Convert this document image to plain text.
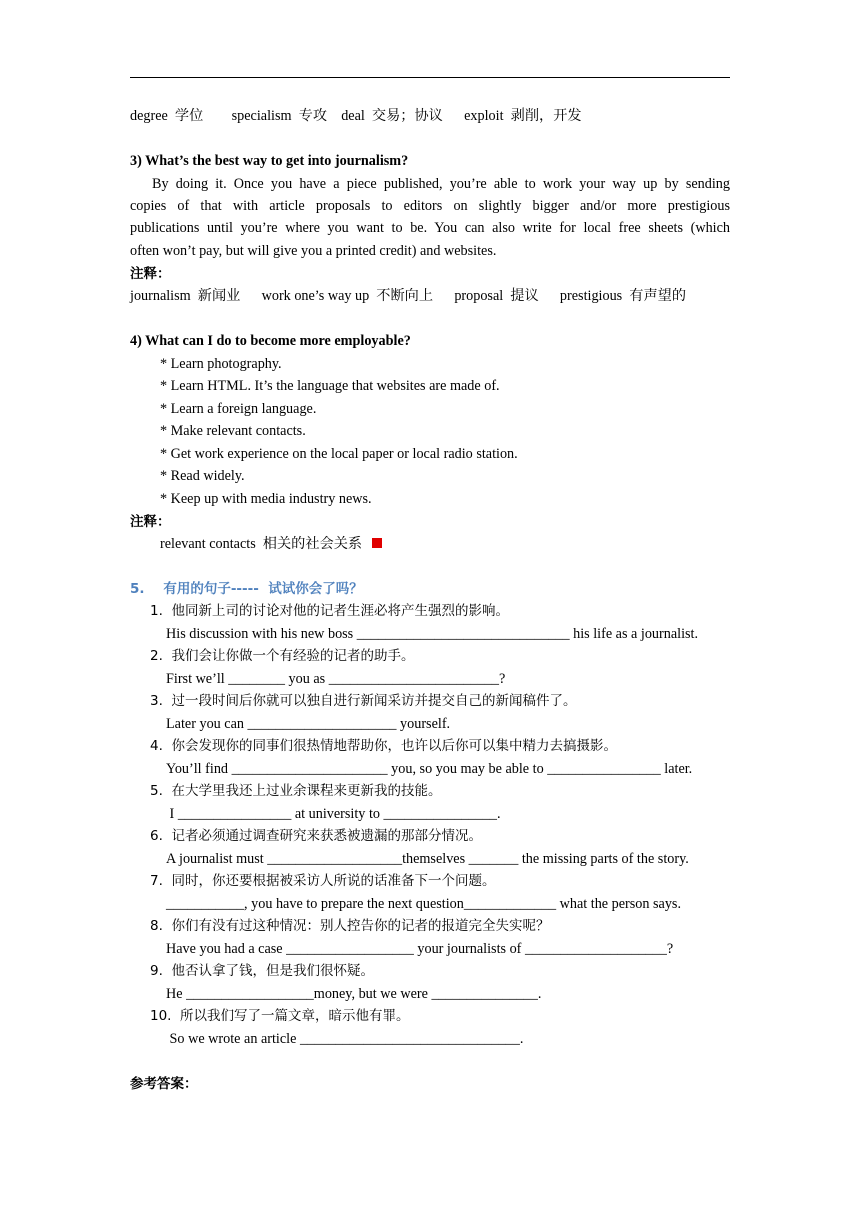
degree  学位        specialism  专攻    deal  交易；协议      exploit  剥削，开发
3) What’s the best way to get into journalism?
By doing it. Once you have a piece published, you’re able to work your way up by sending
copies of that with article proposals to editors on slightly bigger and/or more prestigious
publications until you’re where you want to be. You can also write for local free sheets (which
often won’t pay, but will give you a printed credit) and websites.
注释：
journalism  新闻业      work one’s way up  不断向上      proposal  提议      prestigious  有声望的
4) What can I do to become more employable?
* Learn photography.
* Learn HTML. It’s the language that websites are made of.
* Learn a foreign language.
* Make relevant contacts.
* Get work experience on the local paper or local radio station.
* Read widely.
* Keep up with media industry news.
注释：
relevant contacts  相关的社会关系
5.    有用的句子-----  试试你会了吗？
1.  他同新上司的讨论对他的记者生涯必将产生强烈的影响。
His discussion with his new boss ______________________________ his life as a journalist.
2.  我们会让你做一个有经验的记者的助手。
First we’ll ________ you as ________________________?
3.  过一段时间后你就可以独自进行新闻采访并提交自己的新闻稿件了。
Later you can _____________________ yourself.
4.  你会发现你的同事们很热情地帮助你，也许以后你可以集中精力去搞摄影。
You’ll find ______________________ you, so you may be able to ________________ later.
5.  在大学里我还上过业余课程来更新我的技能。
I ________________ at university to ________________.
6.  记者必须通过调查研究来获悉被遗漏的那部分情况。
A journalist must ___________________themselves _______ the missing parts of the story.
7.  同时，你还要根据被采访人所说的话准备下一个问题。
___________, you have to prepare the next question_____________ what the person says.
8.  你们有没有过这种情况：别人控告你的记者的报道完全失实呢？
Have you had a case __________________ your journalists of ____________________?
9.  他否认拿了钱，但是我们很怀疑。
He __________________money, but we were _______________.
10.  所以我们写了一篇文章，暗示他有罪。
So we wrote an article _______________________________.
参考答案：
